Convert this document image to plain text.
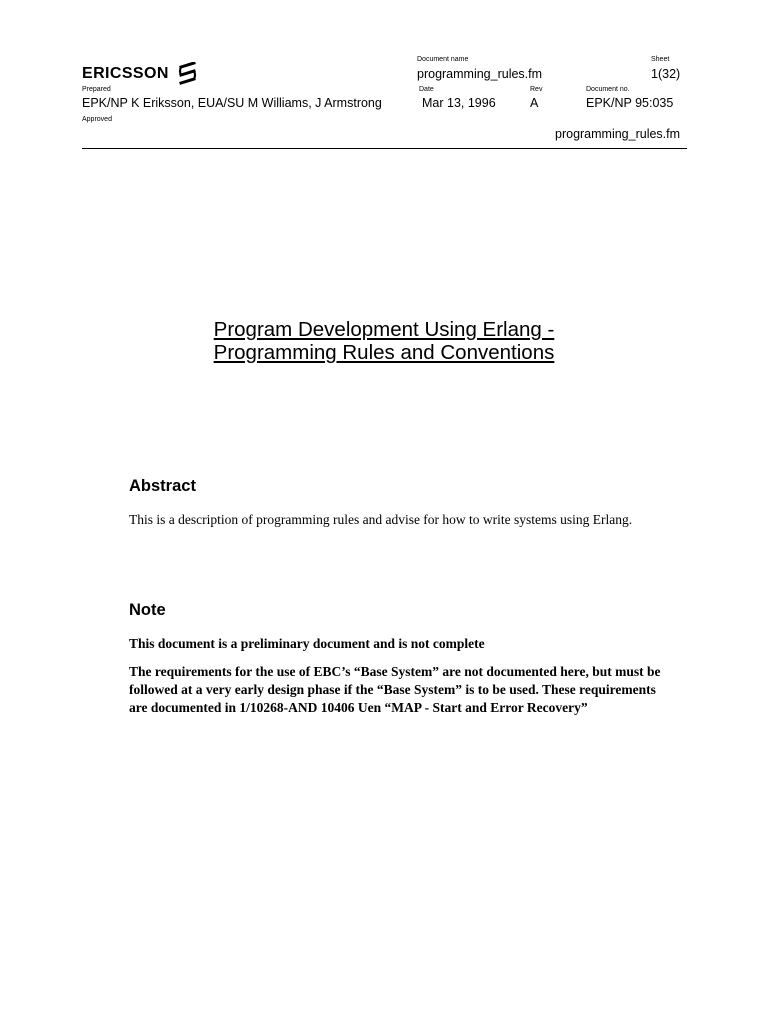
ERICSSON
Document name
programming_rules.fm
Sheet
1(32)
Prepared
EPK/NP K Eriksson, EUA/SU M Williams, J Armstrong
Date
Mar 13, 1996
Rev
A
Document no.
EPK/NP 95:035
Approved
programming_rules.fm
Program Development Using Erlang -
Programming Rules and Conventions
Abstract
This is a description of programming rules and advise for how to write systems using Erlang.
Note
This document is a preliminary document and is not complete
The requirements for the use of EBC’s “Base System” are not documented here, but must be
followed at a very early design phase if the “Base System” is to be used. These requirements
are documented in 1/10268-AND 10406 Uen “MAP - Start and Error Recovery”
